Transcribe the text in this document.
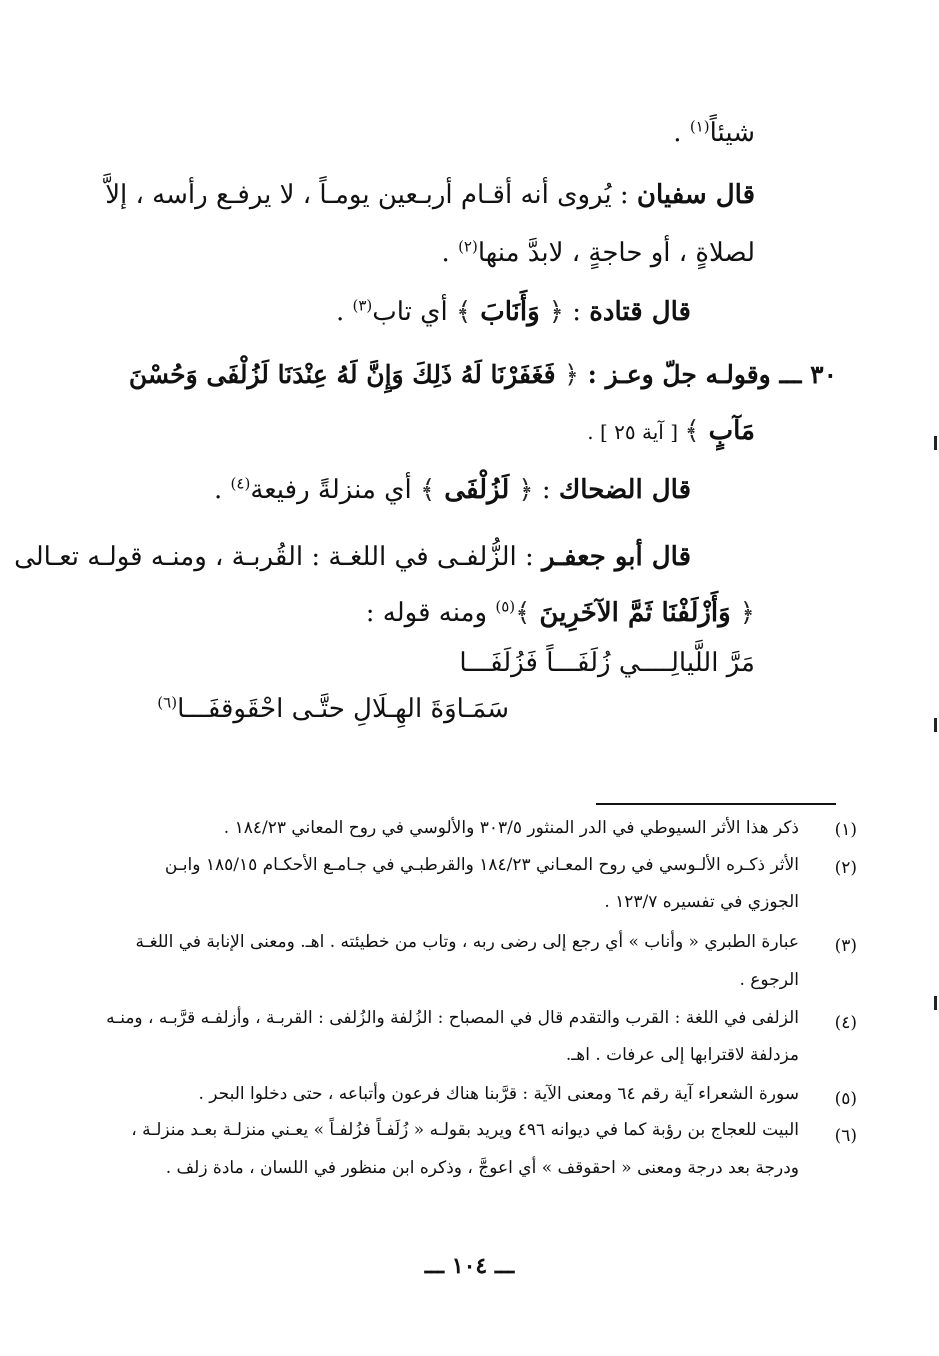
شيئاً$^{(١)}$ .
قال سفيان : يُروى أنه أقـام أربـعين يومـاً ، لا يرفـع رأسه ، إلاَّ
لصلاةٍ ، أو حاجةٍ ، لابدَّ منها$^{(٢)}$ .
قال قتادة : ﴿ وَأَنَابَ ﴾ أي تاب$^{(٣)}$ .
٣٠ ـــ وقولـه جلّ وعـز : ﴿ فَغَفَرْنَا لَهُ ذَلِكَ وَإِنَّ لَهُ عِنْدَنَا لَزُلْفَى وَحُسْنَ
مَآبٍ ﴾ [ آية ٢٥ ] .
قال الضحاك : ﴿ لَزُلْفَى ﴾ أي منزلةً رفيعة$^{(٤)}$ .
قال أبو جعفـر : الزُّلفـى في اللغـة : القُربـة ، ومنـه قولـه تعـالى
﴿ وَأَزْلَفْنَا ثَمَّ الآخَرِينَ ﴾$^{(٥)}$ ومنه قوله :
مَرَّ اللَّيالِــــي زُلَفَـــاً فَزُلَفَـــا
سَمَـاوَةَ الهِـلَالِ حتَّـى احْقَوقفَـــا$^{(٦)}$
(١)
ذكر هذا الأثر السيوطي في الدر المنثور ٣٠٣/٥ والألوسي في روح المعاني ١٨٤/٢٣ .
(٢)
الأثر ذكـره الألـوسي في روح المعـاني ١٨٤/٢٣ والقرطبـي في جـامـع الأحكـام ١٨٥/١٥ وابـن
الجوزي في تفسيره ١٢٣/٧ .
(٣)
عبارة الطبري « وأناب » أي رجع إلى رضى ربه ، وتاب من خطيئته . اهـ. ومعنى الإنابة في اللغـة
الرجوع .
(٤)
الزلفى في اللغة : القرب والتقدم قال في المصباح : الزُلفة والزُلفى : القربـة ، وأزلفـه قرَّبـه ، ومنـه
مزدلفة لاقترابها إلى عرفات . اهـ.
(٥)
سورة الشعراء آية رقم ٦٤ ومعنى الآية : قرَّبنا هناك فرعون وأتباعه ، حتى دخلوا البحر .
(٦)
البيت للعجاج بن رؤبة كما في ديوانه ٤٩٦ ويريد بقولـه « زُلَفـاً فزُلفـاً » يعـني منزلـة بعـد منزلـة ،
ودرجة بعد درجة ومعنى « احقوقف » أي اعوجَّ ، وذكره ابن منظور في اللسان ، مادة زلف .
ـــ ١٠٤ ـــ
